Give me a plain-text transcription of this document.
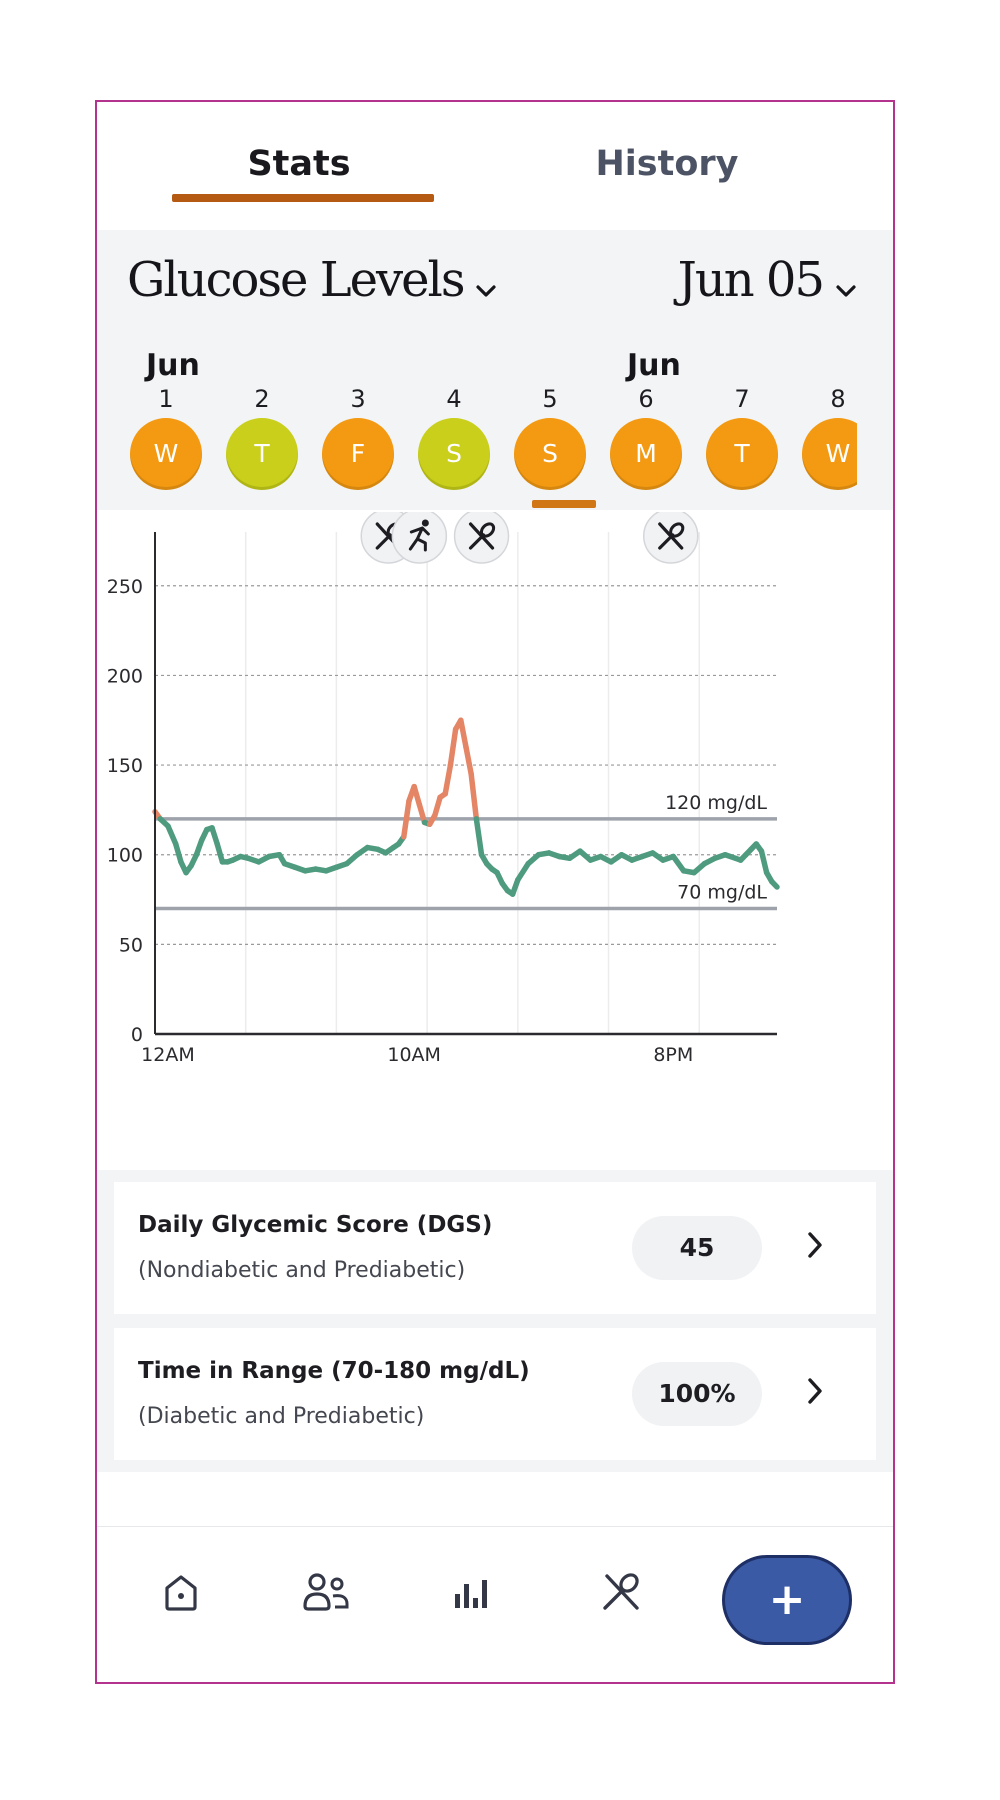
Stats	History
Glucose Levels	Jun 05
Jun	Jun
1
W
2
T
3
F
4
S
5
S
6
M
7
T
8
W
120 mg/dL
70 mg/dL
0
50
100
150
200
250
12AM	10AM	8PM
Daily Glycemic Score (DGS)
(Nondiabetic and Prediabetic)
45
Time in Range (70-180 mg/dL)
(Diabetic and Prediabetic)
100%
+
